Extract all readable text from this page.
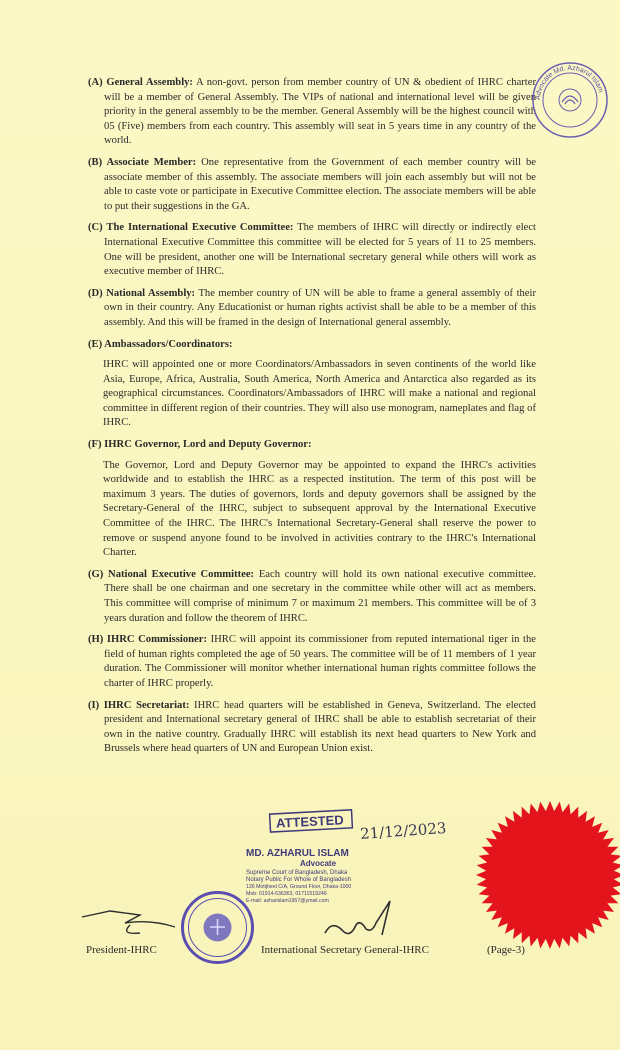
(A) General Assembly: A non-govt. person from member country of UN & obedient of IHRC charter will be a member of General Assembly. The VIPs of national and international level will be given priority in the general assembly to be the member. General Assembly will be the highest council with 05 (Five) members from each country. This assembly will seat in 5 years time in any country of the world.

(B) Associate Member: One representative from the Government of each member country will be associate member of this assembly. The associate members will join each assembly but will not be able to caste vote or participate in Executive Committee election. The associate members will be able to put their suggestions in the GA.

(C) The International Executive Committee: The members of IHRC will directly or indirectly elect International Executive Committee this committee will be elected for 5 years of 11 to 25 members. One will be president, another one will be International secretary general while others will work as executive member of IHRC.

(D) National Assembly: The member country of UN will be able to frame a general assembly of their own in their country. Any Educationist or human rights activist shall be able to be a member of this assembly. And this will be framed in the design of International general assembly.

(E) Ambassadors/Coordinators:

IHRC will appointed one or more Coordinators/Ambassadors in seven continents of the world like Asia, Europe, Africa, Australia, South America, North America and Antarctica also regarded as its geographical circumstances. Coordinators/Ambassadors of IHRC will make a national and regional committee in different region of their countries. They will also use monogram, nameplates and flag of IHRC.

(F) IHRC Governor, Lord and Deputy Governor:

The Governor, Lord and Deputy Governor may be appointed to expand the IHRC's activities worldwide and to establish the IHRC as a respected institution. The term of this post will be maximum 3 years. The duties of governors, lords and deputy governors shall be assigned by the Secretary-General of the IHRC, subject to subsequent approval by the International Executive Committee of the IHRC. The IHRC's International Secretary-General shall reserve the power to remove or suspend anyone found to be involved in activities contrary to the IHRC's International Charter.

(G) National Executive Committee: Each country will hold its own national executive committee. There shall be one chairman and one secretary in the committee while other will act as members. This committee will comprise of minimum 7 or maximum 21 members. This committee will be of 3 years duration and follow the theorem of IHRC.

(H) IHRC Commissioner: IHRC will appoint its commissioner from reputed international tiger in the field of human rights completed the age of 50 years. The committee will be of 11 members of 1 year duration. The Commissioner will monitor whether international human rights committee follows the charter of IHRC properly.

(I) IHRC Secretariat: IHRC head quarters will be established in Geneva, Switzerland. The elected president and International secretary general of IHRC shall be able to establish secretariat of their own in the native country. Gradually IHRC will establish its next head quarters to New York and Brussels where head quarters of UN and European Union exist.

Advocate Md. Azharul Islam
ATTESTED
MD. AZHARUL ISLAM
Advocate
Supreme Court of Bangladesh, Dhaka
Notary Public For Whole of Bangladesh
126 Motijheel C/A, Ground Floor, Dhaka-1000
Mob: 01914-636363, 01711519246
E-mail: azharislam1957@ymail.com
21/12/2023
President-IHRC	International Secretary General-IHRC	(Page-3)
